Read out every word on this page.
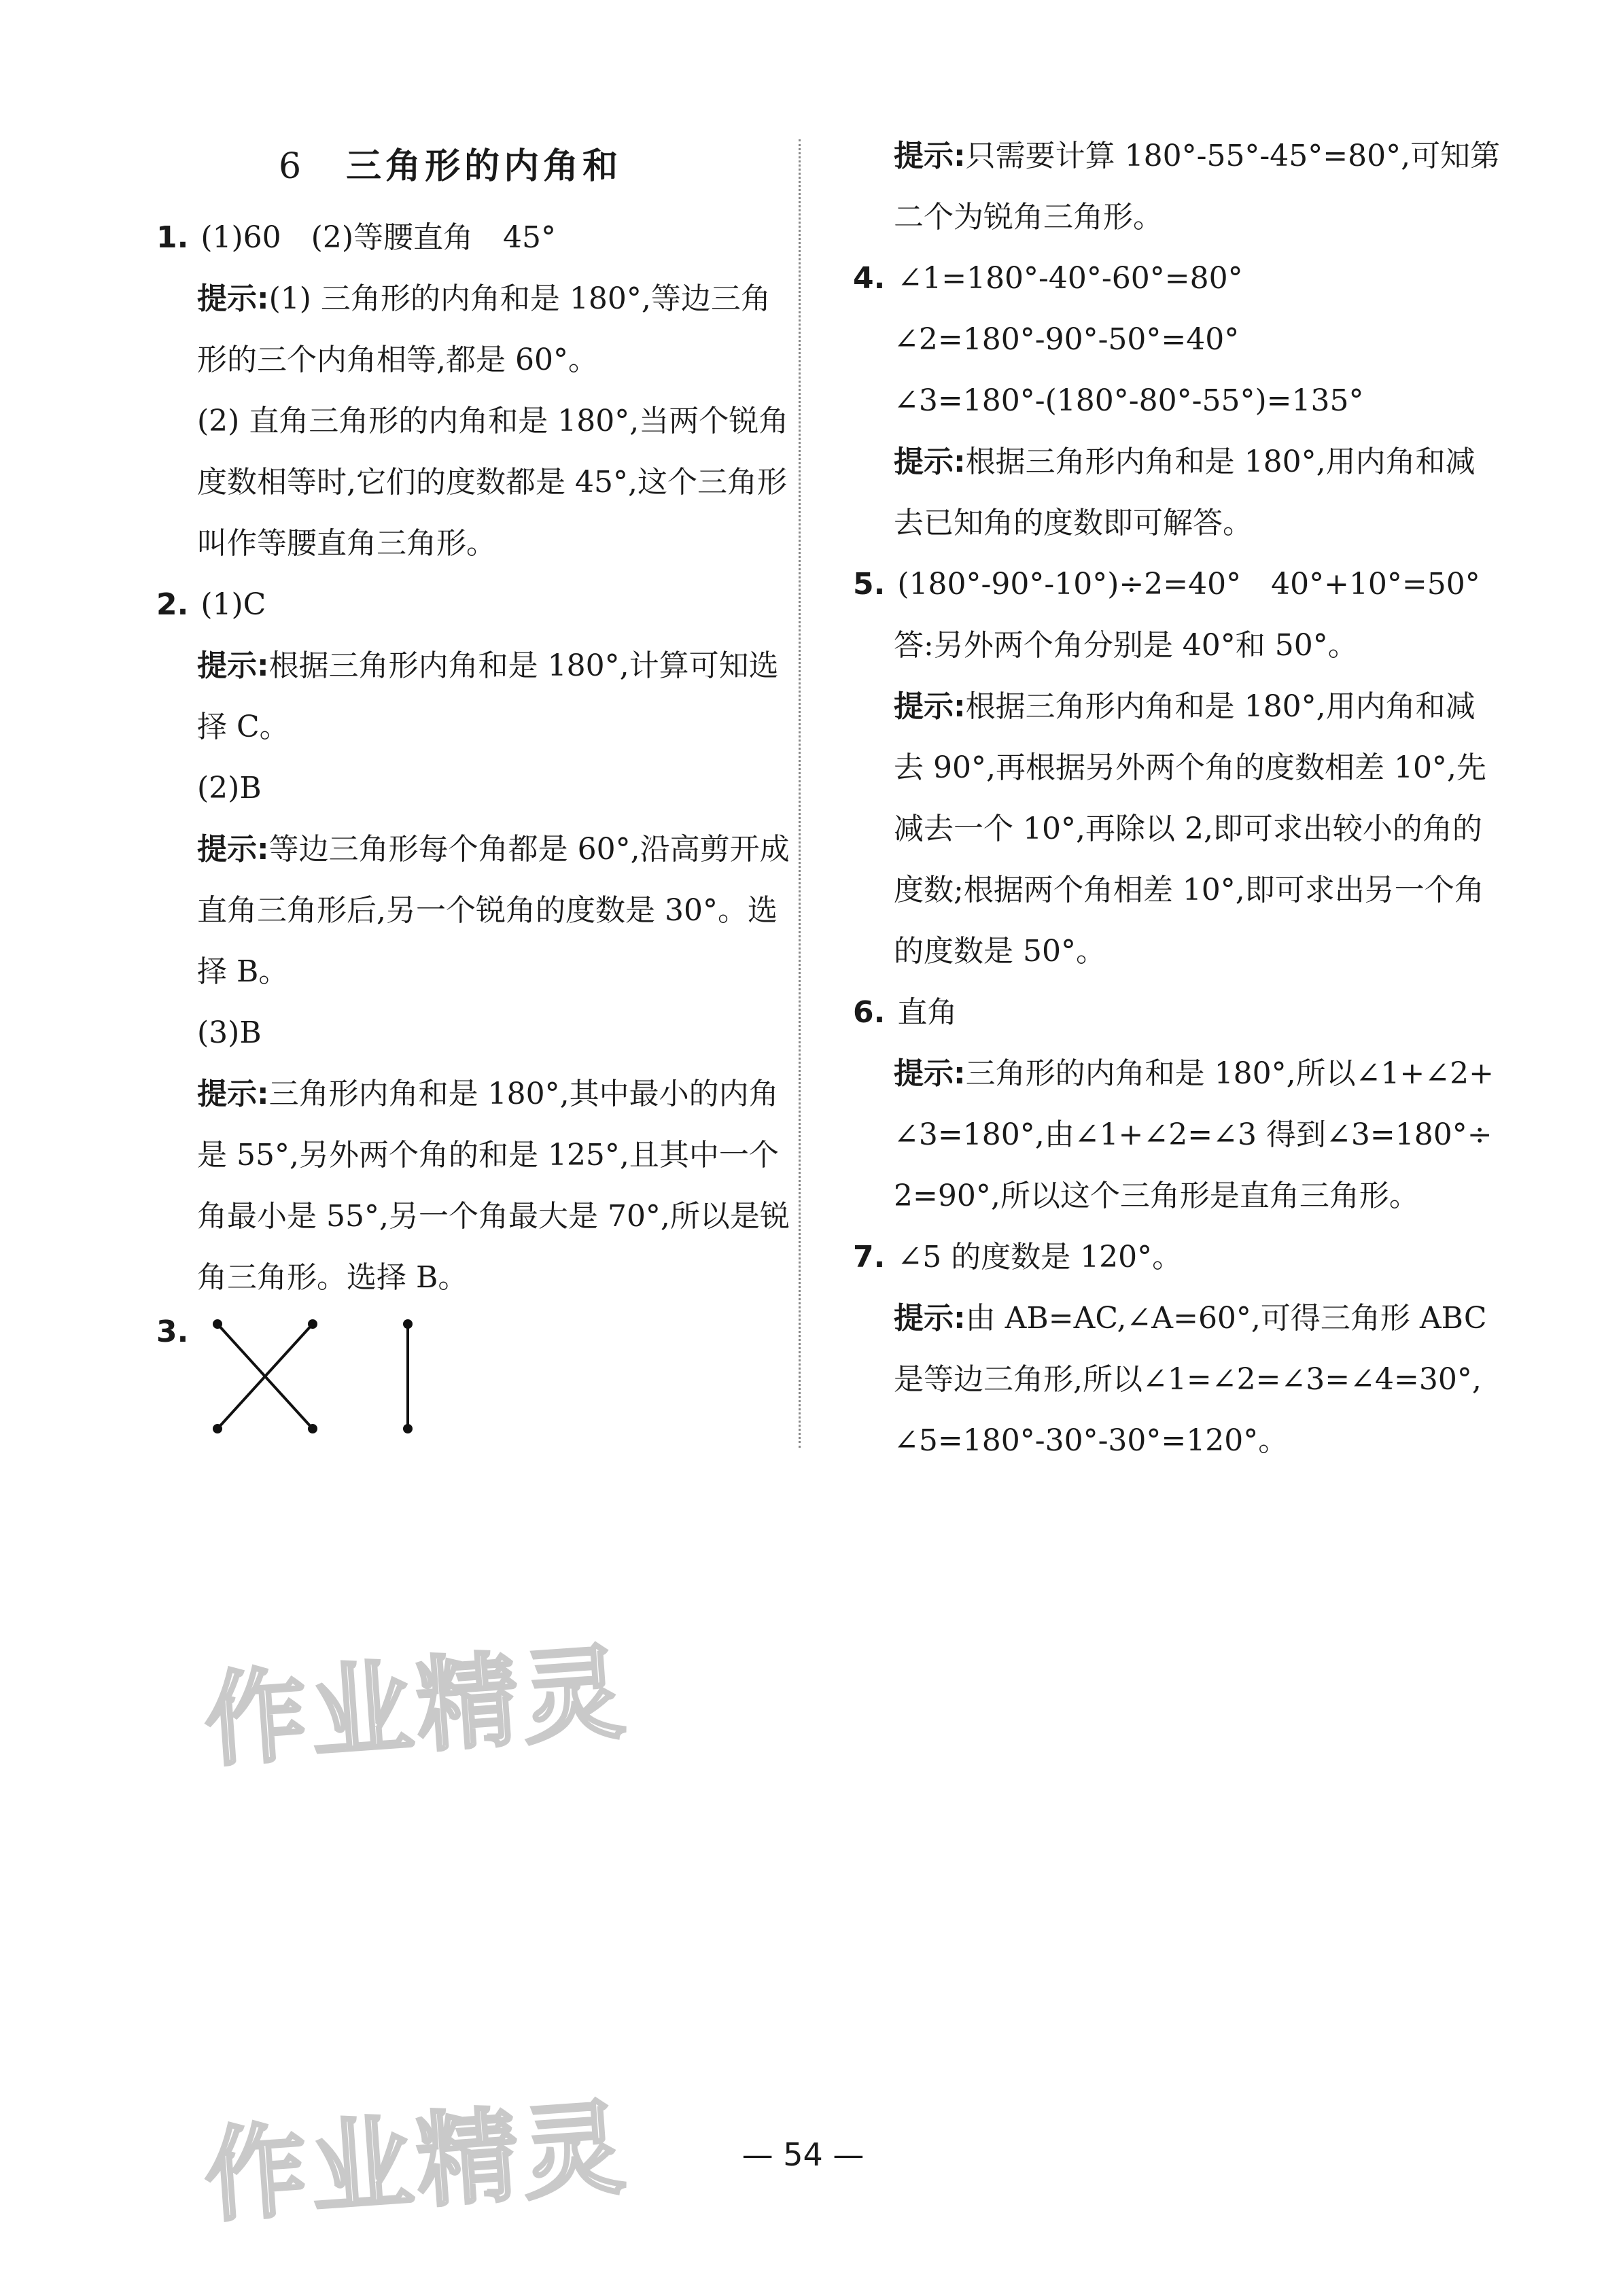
6 三角形的内角和
1. (1)60　(2)等腰直角　45°
提示:(1) 三角形的内角和是 180°,等边三角
形的三个内角相等,都是 60°。
(2) 直角三角形的内角和是 180°,当两个锐角
度数相等时,它们的度数都是 45°,这个三角形
叫作等腰直角三角形。
2. (1)C
提示:根据三角形内角和是 180°,计算可知选
择 C。
(2)B
提示:等边三角形每个角都是 60°,沿高剪开成
直角三角形后,另一个锐角的度数是 30°。选
择 B。
(3)B
提示:三角形内角和是 180°,其中最小的内角
是 55°,另外两个角的和是 125°,且其中一个
角最小是 55°,另一个角最大是 70°,所以是锐
角三角形。选择 B。
3.
提示:只需要计算 180°-55°-45°=80°,可知第
二个为锐角三角形。
4. ∠1=180°-40°-60°=80°
∠2=180°-90°-50°=40°
∠3=180°-(180°-80°-55°)=135°
提示:根据三角形内角和是 180°,用内角和减
去已知角的度数即可解答。
5. (180°-90°-10°)÷2=40°　40°+10°=50°
答:另外两个角分别是 40°和 50°。
提示:根据三角形内角和是 180°,用内角和减
去 90°,再根据另外两个角的度数相差 10°,先
减去一个 10°,再除以 2,即可求出较小的角的
度数;根据两个角相差 10°,即可求出另一个角
的度数是 50°。
6. 直角
提示:三角形的内角和是 180°,所以∠1+∠2+
∠3=180°,由∠1+∠2=∠3 得到∠3=180°÷
2=90°,所以这个三角形是直角三角形。
7. ∠5 的度数是 120°。
提示:由 AB=AC,∠A=60°,可得三角形 ABC
是等边三角形,所以∠1=∠2=∠3=∠4=30°,
∠5=180°-30°-30°=120°。
— 54 —
作业精灵
作业精灵
